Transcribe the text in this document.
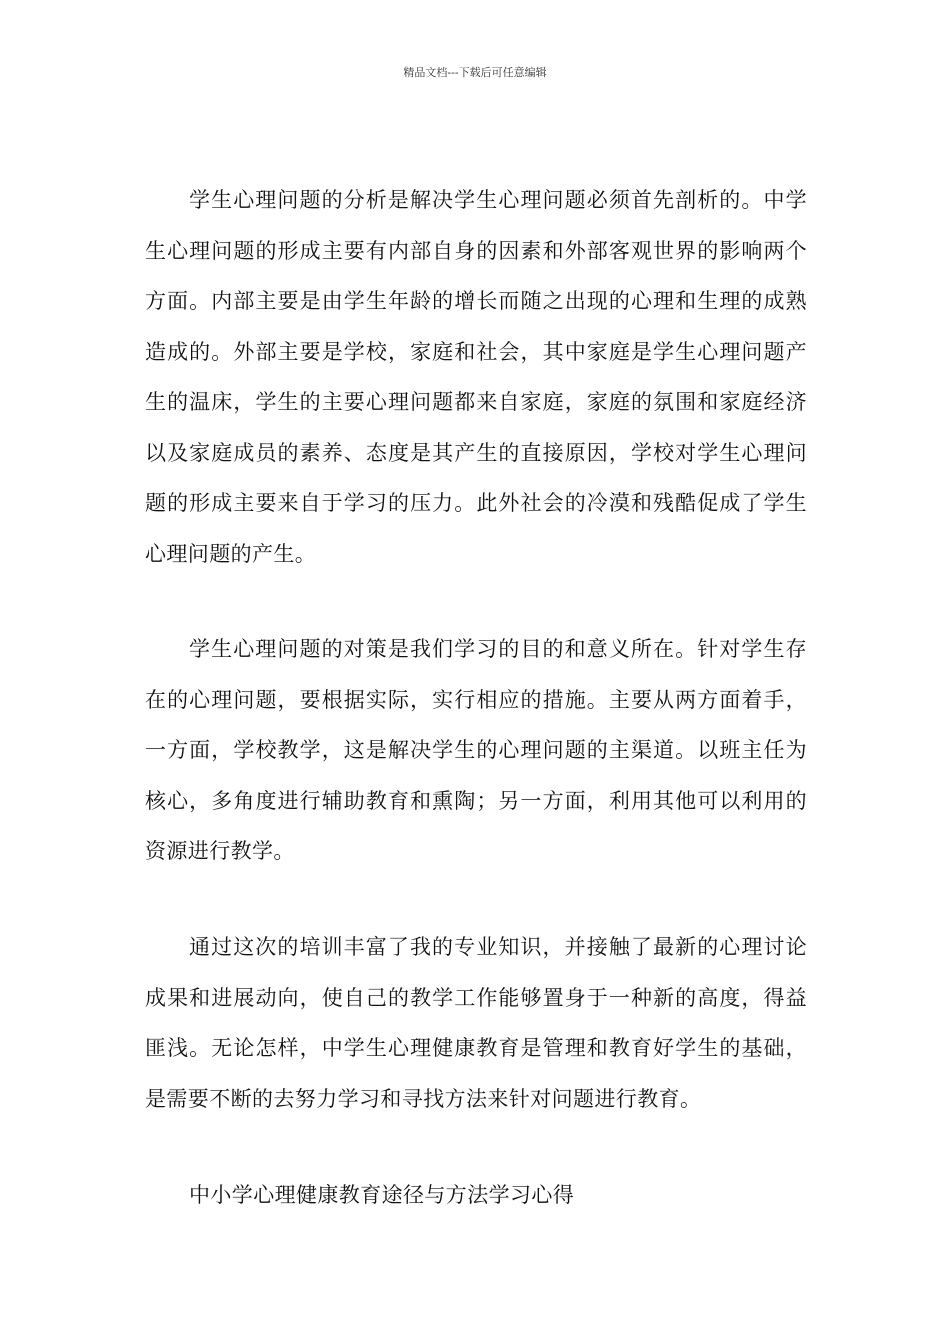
精品文档---下载后可任意编辑

学生心理问题的分析是解决学生心理问题必须首先剖析的。中学生心理问题的形成主要有内部自身的因素和外部客观世界的影响两个方面。内部主要是由学生年龄的增长而随之出现的心理和生理的成熟造成的。外部主要是学校，家庭和社会，其中家庭是学生心理问题产生的温床，学生的主要心理问题都来自家庭，家庭的氛围和家庭经济以及家庭成员的素养、态度是其产生的直接原因，学校对学生心理问题的形成主要来自于学习的压力。此外社会的冷漠和残酷促成了学生心理问题的产生。

学生心理问题的对策是我们学习的目的和意义所在。针对学生存在的心理问题，要根据实际，实行相应的措施。主要从两方面着手，一方面，学校教学，这是解决学生的心理问题的主渠道。以班主任为核心，多角度进行辅助教育和熏陶；另一方面，利用其他可以利用的资源进行教学。

通过这次的培训丰富了我的专业知识，并接触了最新的心理讨论成果和进展动向，使自己的教学工作能够置身于一种新的高度，得益匪浅。无论怎样，中学生心理健康教育是管理和教育好学生的基础，是需要不断的去努力学习和寻找方法来针对问题进行教育。

中小学心理健康教育途径与方法学习心得
